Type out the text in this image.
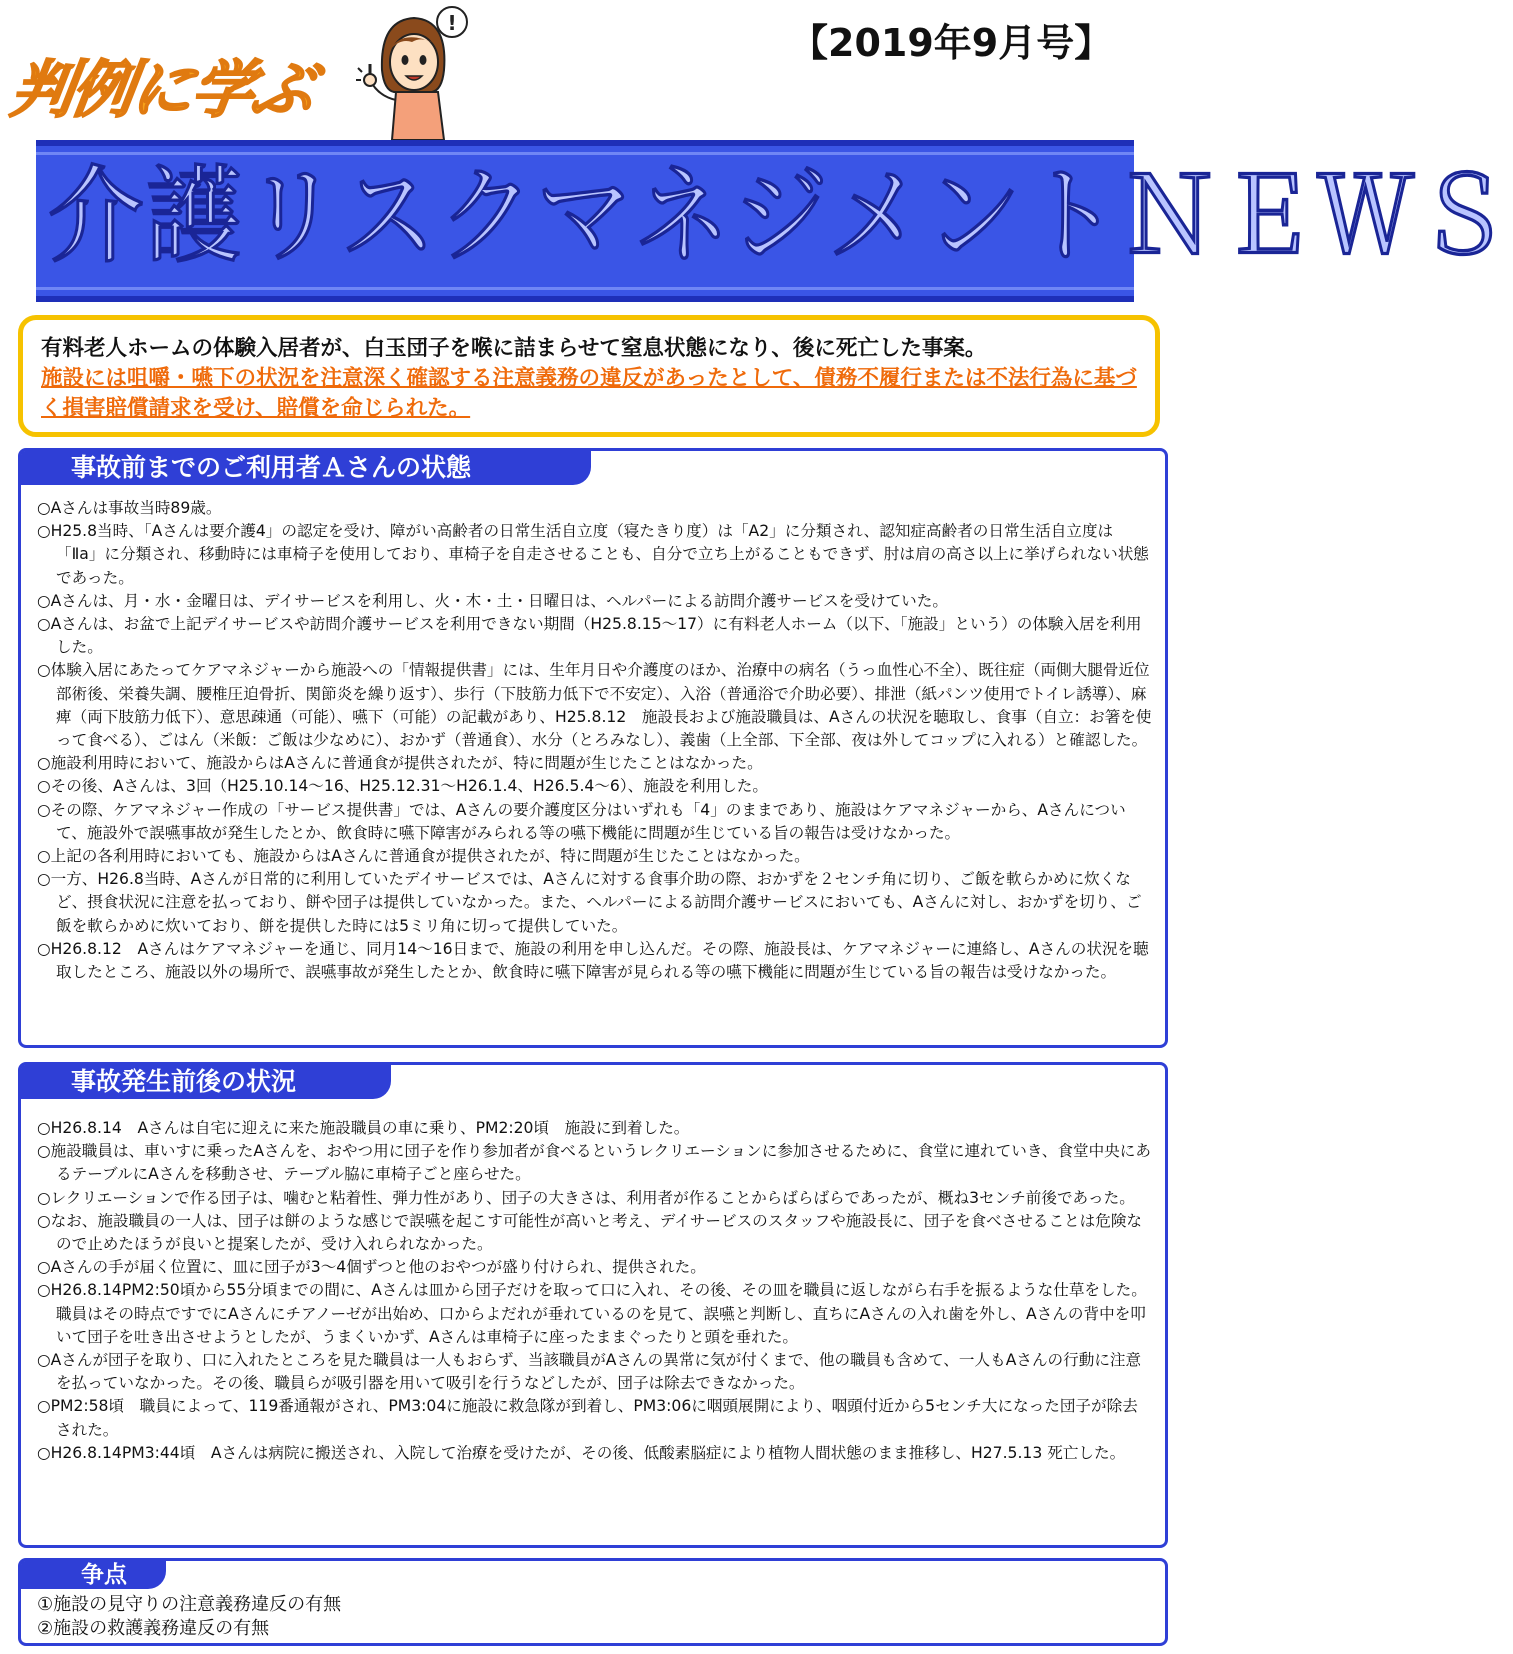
判例に学ぶ
!	【2019年9月号】
介護リスクマネジメントＮＥＷＳ
有料老人ホームの体験入居者が、白玉団子を喉に詰まらせて窒息状態になり、後に死亡した事案。
施設には咀嚼・嚥下の状況を注意深く確認する注意義務の違反があったとして、債務不履行または不法行為に基づく損害賠償請求を受け、賠償を命じられた。
事故前までのご利用者Ａさんの状態

○Aさんは事故当時89歳。

○H25.8当時、「Aさんは要介護4」の認定を受け、障がい高齢者の日常生活自立度（寝たきり度）は「A2」に分類され、認知症高齢者の日常生活自立度は「Ⅱa」に分類され、移動時には車椅子を使用しており、車椅子を自走させることも、自分で立ち上がることもできず、肘は肩の高さ以上に挙げられない状態であった。

○Aさんは、月・水・金曜日は、デイサービスを利用し、火・木・土・日曜日は、ヘルパーによる訪問介護サービスを受けていた。

○Aさんは、お盆で上記デイサービスや訪問介護サービスを利用できない期間（H25.8.15～17）に有料老人ホーム（以下、「施設」という）の体験入居を利用した。

○体験入居にあたってケアマネジャーから施設への「情報提供書」には、生年月日や介護度のほか、治療中の病名（うっ血性心不全）、既往症（両側大腿骨近位部術後、栄養失調、腰椎圧迫骨折、関節炎を繰り返す）、歩行（下肢筋力低下で不安定）、入浴（普通浴で介助必要）、排泄（紙パンツ使用でトイレ誘導）、麻痺（両下肢筋力低下）、意思疎通（可能）、嚥下（可能）の記載があり、H25.8.12　施設長および施設職員は、Aさんの状況を聴取し、食事（自立：お箸を使って食べる）、ごはん（米飯：ご飯は少なめに）、おかず（普通食）、水分（とろみなし）、義歯（上全部、下全部、夜は外してコップに入れる）と確認した。

○施設利用時において、施設からはAさんに普通食が提供されたが、特に問題が生じたことはなかった。

○その後、Aさんは、3回（H25.10.14～16、H25.12.31～H26.1.4、H26.5.4～6）、施設を利用した。

○その際、ケアマネジャー作成の「サービス提供書」では、Aさんの要介護度区分はいずれも「4」のままであり、施設はケアマネジャーから、Aさんについて、施設外で誤嚥事故が発生したとか、飲食時に嚥下障害がみられる等の嚥下機能に問題が生じている旨の報告は受けなかった。

○上記の各利用時においても、施設からはAさんに普通食が提供されたが、特に問題が生じたことはなかった。

○一方、H26.8当時、Aさんが日常的に利用していたデイサービスでは、Aさんに対する食事介助の際、おかずを２センチ角に切り、ご飯を軟らかめに炊くなど、摂食状況に注意を払っており、餅や団子は提供していなかった。また、ヘルパーによる訪問介護サービスにおいても、Aさんに対し、おかずを切り、ご飯を軟らかめに炊いており、餅を提供した時には5ミリ角に切って提供していた。

○H26.8.12　Aさんはケアマネジャーを通じ、同月14～16日まで、施設の利用を申し込んだ。その際、施設長は、ケアマネジャーに連絡し、Aさんの状況を聴取したところ、施設以外の場所で、誤嚥事故が発生したとか、飲食時に嚥下障害が見られる等の嚥下機能に問題が生じている旨の報告は受けなかった。

事故発生前後の状況

○H26.8.14　Aさんは自宅に迎えに来た施設職員の車に乗り、PM2:20頃　施設に到着した。

○施設職員は、車いすに乗ったAさんを、おやつ用に団子を作り参加者が食べるというレクリエーションに参加させるために、食堂に連れていき、食堂中央にあるテーブルにAさんを移動させ、テーブル脇に車椅子ごと座らせた。

○レクリエーションで作る団子は、噛むと粘着性、弾力性があり、団子の大きさは、利用者が作ることからばらばらであったが、概ね3センチ前後であった。

○なお、施設職員の一人は、団子は餅のような感じで誤嚥を起こす可能性が高いと考え、デイサービスのスタッフや施設長に、団子を食べさせることは危険なので止めたほうが良いと提案したが、受け入れられなかった。

○Aさんの手が届く位置に、皿に団子が3～4個ずつと他のおやつが盛り付けられ、提供された。

○H26.8.14PM2:50頃から55分頃までの間に、Aさんは皿から団子だけを取って口に入れ、その後、その皿を職員に返しながら右手を振るような仕草をした。職員はその時点ですでにAさんにチアノーゼが出始め、口からよだれが垂れているのを見て、誤嚥と判断し、直ちにAさんの入れ歯を外し、Aさんの背中を叩いて団子を吐き出させようとしたが、うまくいかず、Aさんは車椅子に座ったままぐったりと頭を垂れた。

○Aさんが団子を取り、口に入れたところを見た職員は一人もおらず、当該職員がAさんの異常に気が付くまで、他の職員も含めて、一人もAさんの行動に注意を払っていなかった。その後、職員らが吸引器を用いて吸引を行うなどしたが、団子は除去できなかった。

○PM2:58頃　職員によって、119番通報がされ、PM3:04に施設に救急隊が到着し、PM3:06に咽頭展開により、咽頭付近から5センチ大になった団子が除去された。

○H26.8.14PM3:44頃　Aさんは病院に搬送され、入院して治療を受けたが、その後、低酸素脳症により植物人間状態のまま推移し、H27.5.13 死亡した。

争点

①施設の見守りの注意義務違反の有無

②施設の救護義務違反の有無
